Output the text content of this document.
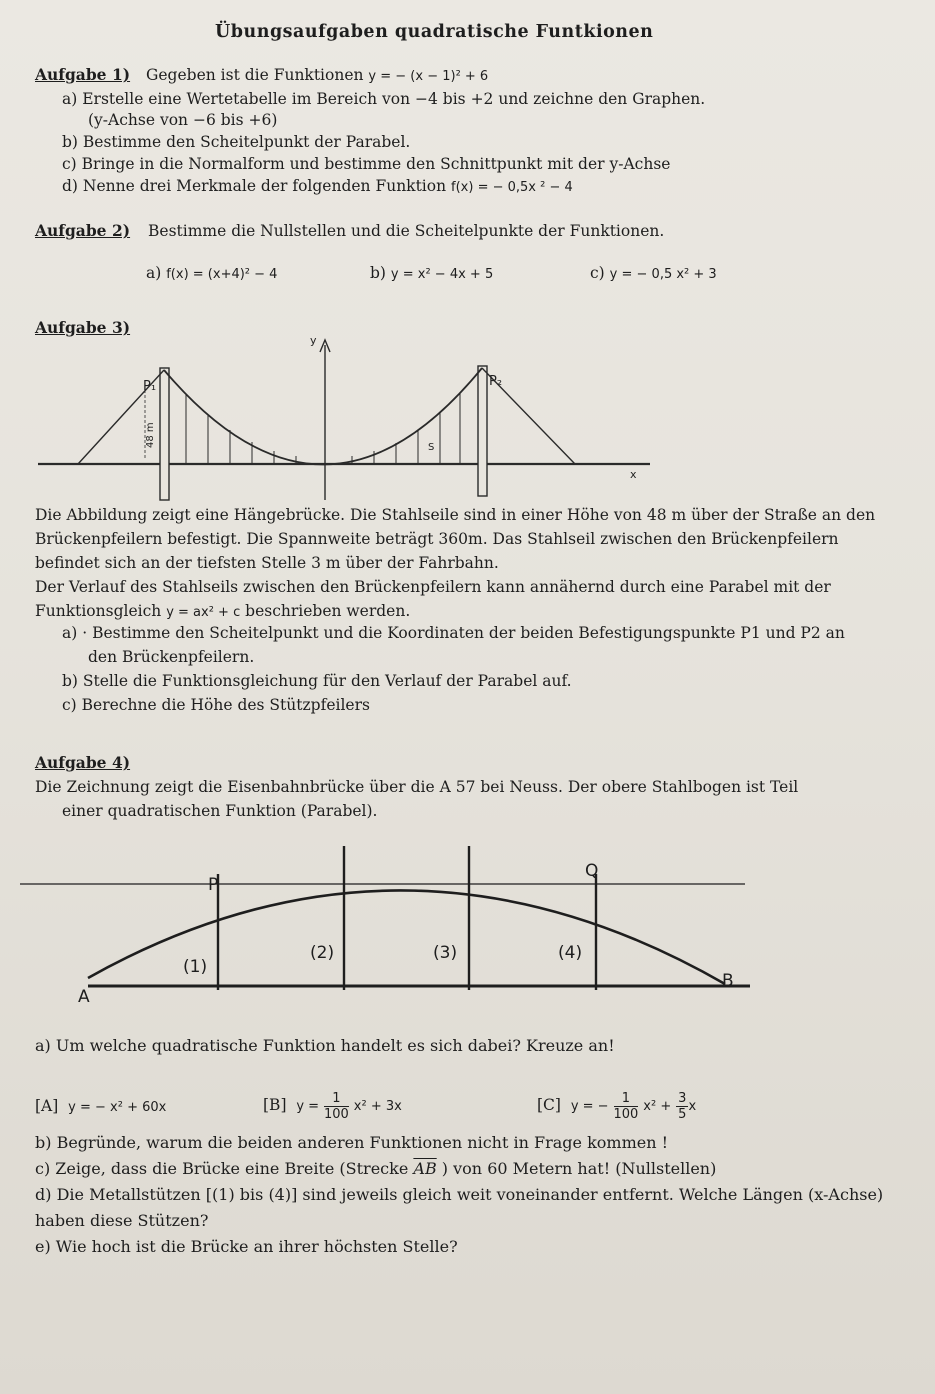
Übungsaufgaben quadratische Funtkionen
Aufgabe 1) Gegeben ist die Funktionen y = − (x − 1)² + 6
a) Erstelle eine Wertetabelle im Bereich von −4 bis +2 und zeichne den Graphen.
(y-Achse von −6 bis +6)
b) Bestimme den Scheitelpunkt der Parabel.
c) Bringe in die Normalform und bestimme den Schnittpunkt mit der y-Achse
d) Nenne drei Merkmale der folgenden Funktion f(x) = − 0,5x ² − 4
Aufgabe 2) Bestimme die Nullstellen und die Scheitelpunkte der Funktionen.
a) f(x) = (x+4)² − 4	b) y = x² − 4x + 5	c) y = − 0,5 x² + 3
Aufgabe 3)
y
x
P₁	P₂
48 m	S
Die Abbildung zeigt eine Hängebrücke. Die Stahlseile sind in einer Höhe von 48 m über der Straße an den
Brückenpfeilern befestigt. Die Spannweite beträgt 360m. Das Stahlseil zwischen den Brückenpfeilern
befindet sich an der tiefsten Stelle 3 m über der Fahrbahn.
Der Verlauf des Stahlseils zwischen den Brückenpfeilern kann annähernd durch eine Parabel mit der
Funktionsgleich y = ax² + c beschrieben werden.
a) · Bestimme den Scheitelpunkt und die Koordinaten der beiden Befestigungspunkte P1 und P2 an
den Brückenpfeilern.
b) Stelle die Funktionsgleichung für den Verlauf der Parabel auf.
c) Berechne die Höhe des Stützpfeilers
Aufgabe 4)
Die Zeichnung zeigt die Eisenbahnbrücke über die A 57 bei Neuss. Der obere Stahlbogen ist Teil
einer quadratischen Funktion (Parabel).
P
Q
A
B
(1)
(2)	(3)	(4)
a) Um welche quadratische Funktion handelt es sich dabei? Kreuze an!
[A] y = − x² + 60x	[B] $y = \frac{1}{100} x^2 + 3x$	[C] y = − $\frac{1}{100} x^2 + \frac{3}{5}$ x
b) Begründe, warum die beiden anderen Funktionen nicht in Frage kommen !
c) Zeige, dass die Brücke eine Breite (Strecke $\overline{AB}$ ) von 60 Metern hat! (Nullstellen)
d) Die Metallstützen [(1) bis (4)] sind jeweils gleich weit voneinander entfernt. Welche Längen (x-Achse)
haben diese Stützen?
e) Wie hoch ist die Brücke an ihrer höchsten Stelle?
